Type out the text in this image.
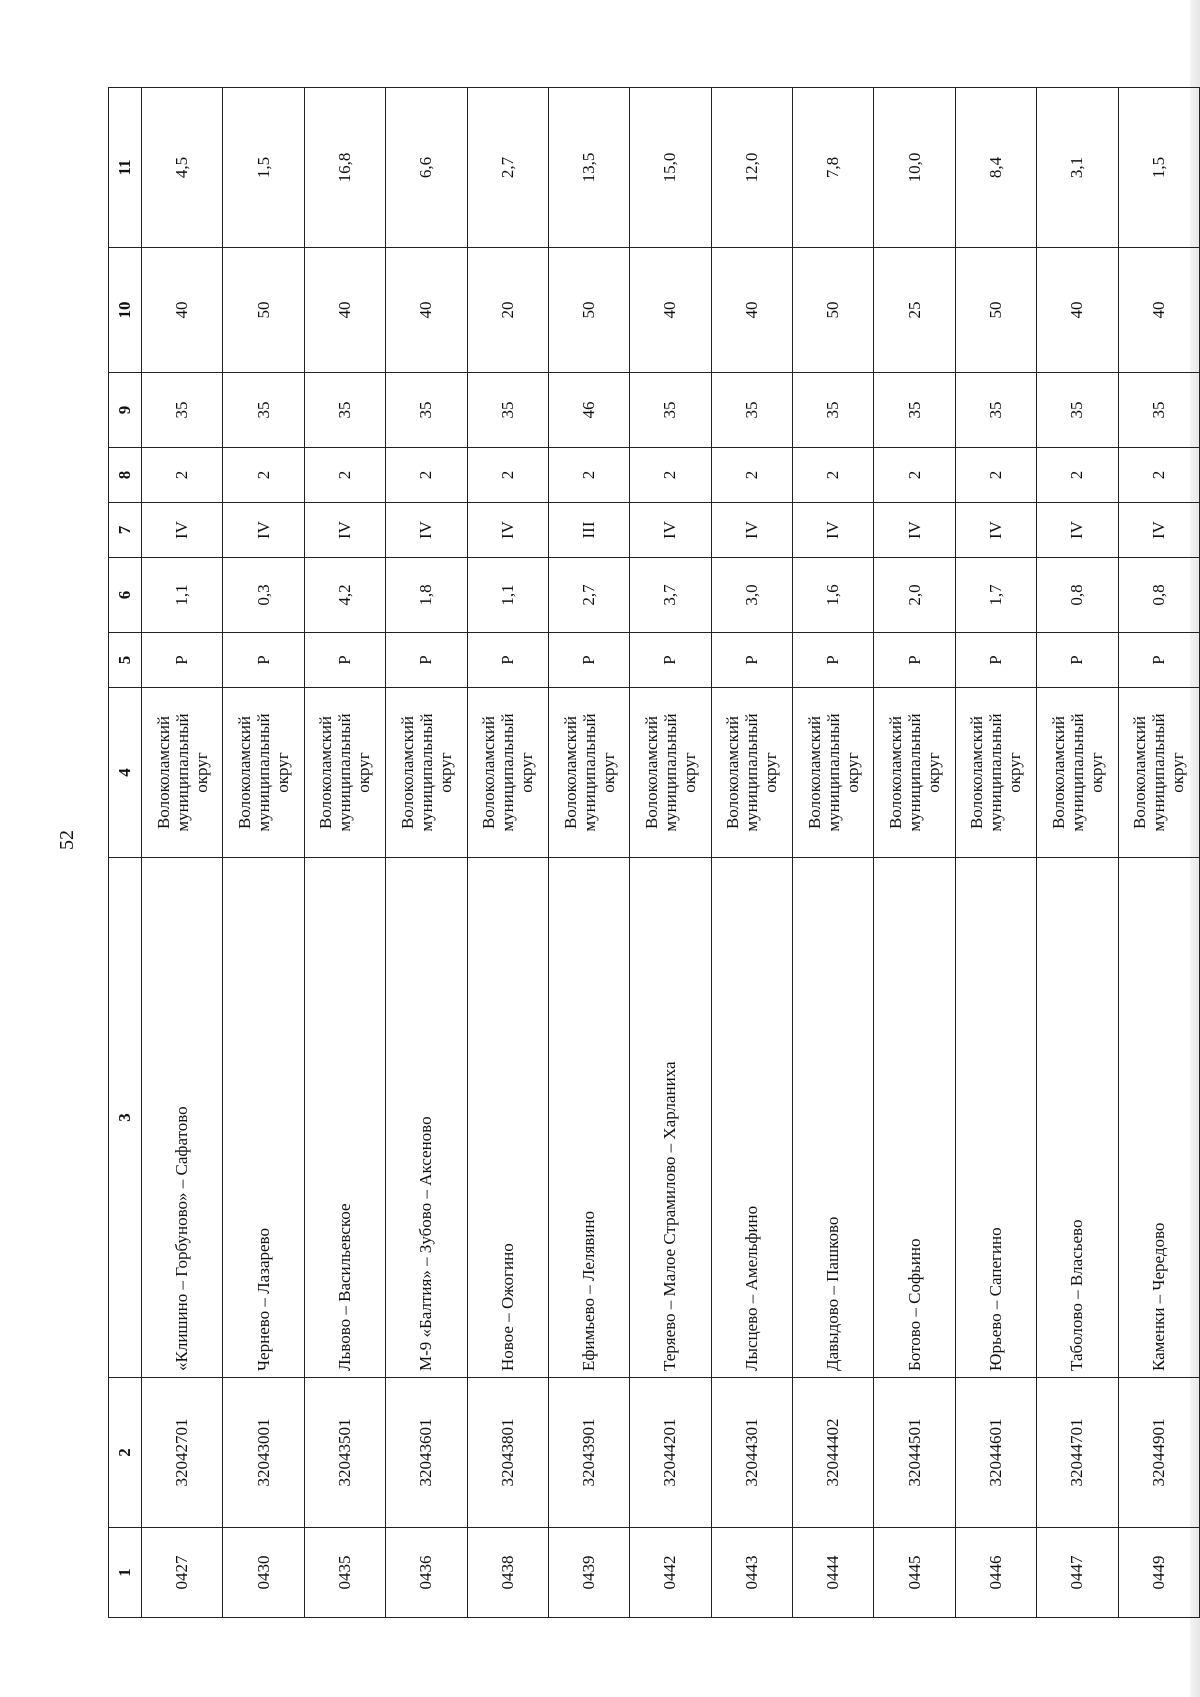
52
1	2	3	4	5	6	7	8	9	10	11
0427	32042701	«Клишино – Горбуново» – Сафатово	Волоколамский
муниципальный
округ	Р	1,1	IV	2	35	40	4,5
0430	32043001	Чернево – Лазарево	Волоколамский
муниципальный
округ	Р	0,3	IV	2	35	50	1,5
0435	32043501	Львово – Васильевское	Волоколамский
муниципальный
округ	Р	4,2	IV	2	35	40	16,8
0436	32043601	М-9 «Балтия» – Зубово – Аксеново	Волоколамский
муниципальный
округ	Р	1,8	IV	2	35	40	6,6
0438	32043801	Новое – Ожогино	Волоколамский
муниципальный
округ	Р	1,1	IV	2	35	20	2,7
0439	32043901	Ефимьево – Лелявино	Волоколамский
муниципальный
округ	Р	2,7	III	2	46	50	13,5
0442	32044201	Теряево – Малое Страмилово – Харланиха	Волоколамский
муниципальный
округ	Р	3,7	IV	2	35	40	15,0
0443	32044301	Лысцево – Амельфино	Волоколамский
муниципальный
округ	Р	3,0	IV	2	35	40	12,0
0444	32044402	Давыдово – Пашково	Волоколамский
муниципальный
округ	Р	1,6	IV	2	35	50	7,8
0445	32044501	Ботово – Софьино	Волоколамский
муниципальный
округ	Р	2,0	IV	2	35	25	10,0
0446	32044601	Юрьево – Сапегино	Волоколамский
муниципальный
округ	Р	1,7	IV	2	35	50	8,4
0447	32044701	Таболово – Власьево	Волоколамский
муниципальный
округ	Р	0,8	IV	2	35	40	3,1
0449	32044901	Каменки – Чередово	Волоколамский
муниципальный
округ	Р	0,8	IV	2	35	40	1,5
